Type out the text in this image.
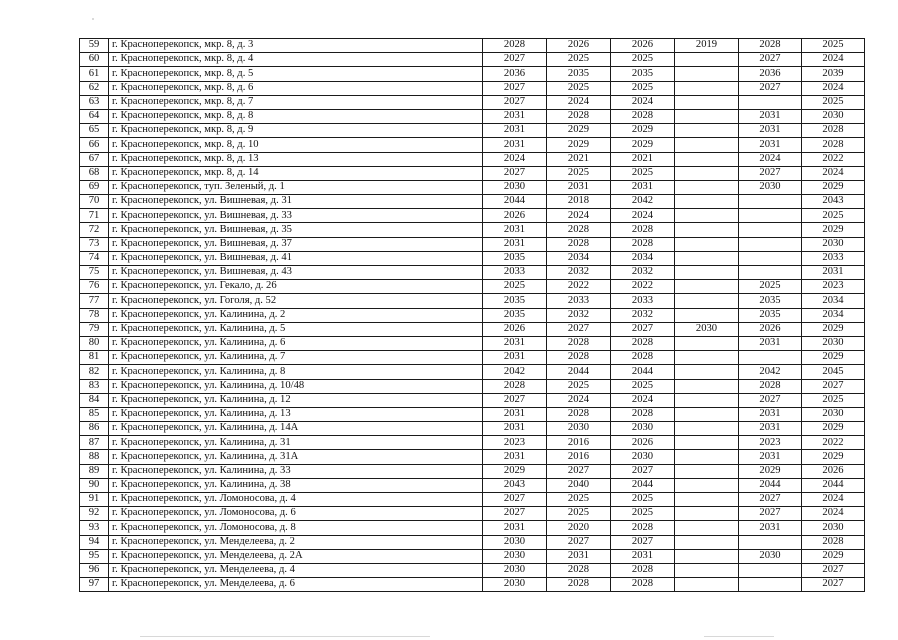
59	г. Красноперекопск, мкр. 8, д. 3	2028	2026	2026	2019	2028	2025
60	г. Красноперекопск, мкр. 8, д. 4	2027	2025	2025		2027	2024
61	г. Красноперекопск, мкр. 8, д. 5	2036	2035	2035		2036	2039
62	г. Красноперекопск, мкр. 8, д. 6	2027	2025	2025		2027	2024
63	г. Красноперекопск, мкр. 8, д. 7	2027	2024	2024			2025
64	г. Красноперекопск, мкр. 8, д. 8	2031	2028	2028		2031	2030
65	г. Красноперекопск, мкр. 8, д. 9	2031	2029	2029		2031	2028
66	г. Красноперекопск, мкр. 8, д. 10	2031	2029	2029		2031	2028
67	г. Красноперекопск, мкр. 8, д. 13	2024	2021	2021		2024	2022
68	г. Красноперекопск, мкр. 8, д. 14	2027	2025	2025		2027	2024
69	г. Красноперекопск, туп. Зеленый, д. 1	2030	2031	2031		2030	2029
70	г. Красноперекопск, ул. Вишневая, д. 31	2044	2018	2042			2043
71	г. Красноперекопск, ул. Вишневая, д. 33	2026	2024	2024			2025
72	г. Красноперекопск, ул. Вишневая, д. 35	2031	2028	2028			2029
73	г. Красноперекопск, ул. Вишневая, д. 37	2031	2028	2028			2030
74	г. Красноперекопск, ул. Вишневая, д. 41	2035	2034	2034			2033
75	г. Красноперекопск, ул. Вишневая, д. 43	2033	2032	2032			2031
76	г. Красноперекопск, ул. Гекало, д. 26	2025	2022	2022		2025	2023
77	г. Красноперекопск, ул. Гоголя, д. 52	2035	2033	2033		2035	2034
78	г. Красноперекопск, ул. Калинина, д. 2	2035	2032	2032		2035	2034
79	г. Красноперекопск, ул. Калинина, д. 5	2026	2027	2027	2030	2026	2029
80	г. Красноперекопск, ул. Калинина, д. 6	2031	2028	2028		2031	2030
81	г. Красноперекопск, ул. Калинина, д. 7	2031	2028	2028			2029
82	г. Красноперекопск, ул. Калинина, д. 8	2042	2044	2044		2042	2045
83	г. Красноперекопск, ул. Калинина, д. 10/48	2028	2025	2025		2028	2027
84	г. Красноперекопск, ул. Калинина, д. 12	2027	2024	2024		2027	2025
85	г. Красноперекопск, ул. Калинина, д. 13	2031	2028	2028		2031	2030
86	г. Красноперекопск, ул. Калинина, д. 14А	2031	2030	2030		2031	2029
87	г. Красноперекопск, ул. Калинина, д. 31	2023	2016	2026		2023	2022
88	г. Красноперекопск, ул. Калинина, д. 31А	2031	2016	2030		2031	2029
89	г. Красноперекопск, ул. Калинина, д. 33	2029	2027	2027		2029	2026
90	г. Красноперекопск, ул. Калинина, д. 38	2043	2040	2044		2044	2044
91	г. Красноперекопск, ул. Ломоносова, д. 4	2027	2025	2025		2027	2024
92	г. Красноперекопск, ул. Ломоносова, д. 6	2027	2025	2025		2027	2024
93	г. Красноперекопск, ул. Ломоносова, д. 8	2031	2020	2028		2031	2030
94	г. Красноперекопск, ул. Менделеева, д. 2	2030	2027	2027			2028
95	г. Красноперекопск, ул. Менделеева, д. 2А	2030	2031	2031		2030	2029
96	г. Красноперекопск, ул. Менделеева, д. 4	2030	2028	2028			2027
97	г. Красноперекопск, ул. Менделеева, д. 6	2030	2028	2028			2027
